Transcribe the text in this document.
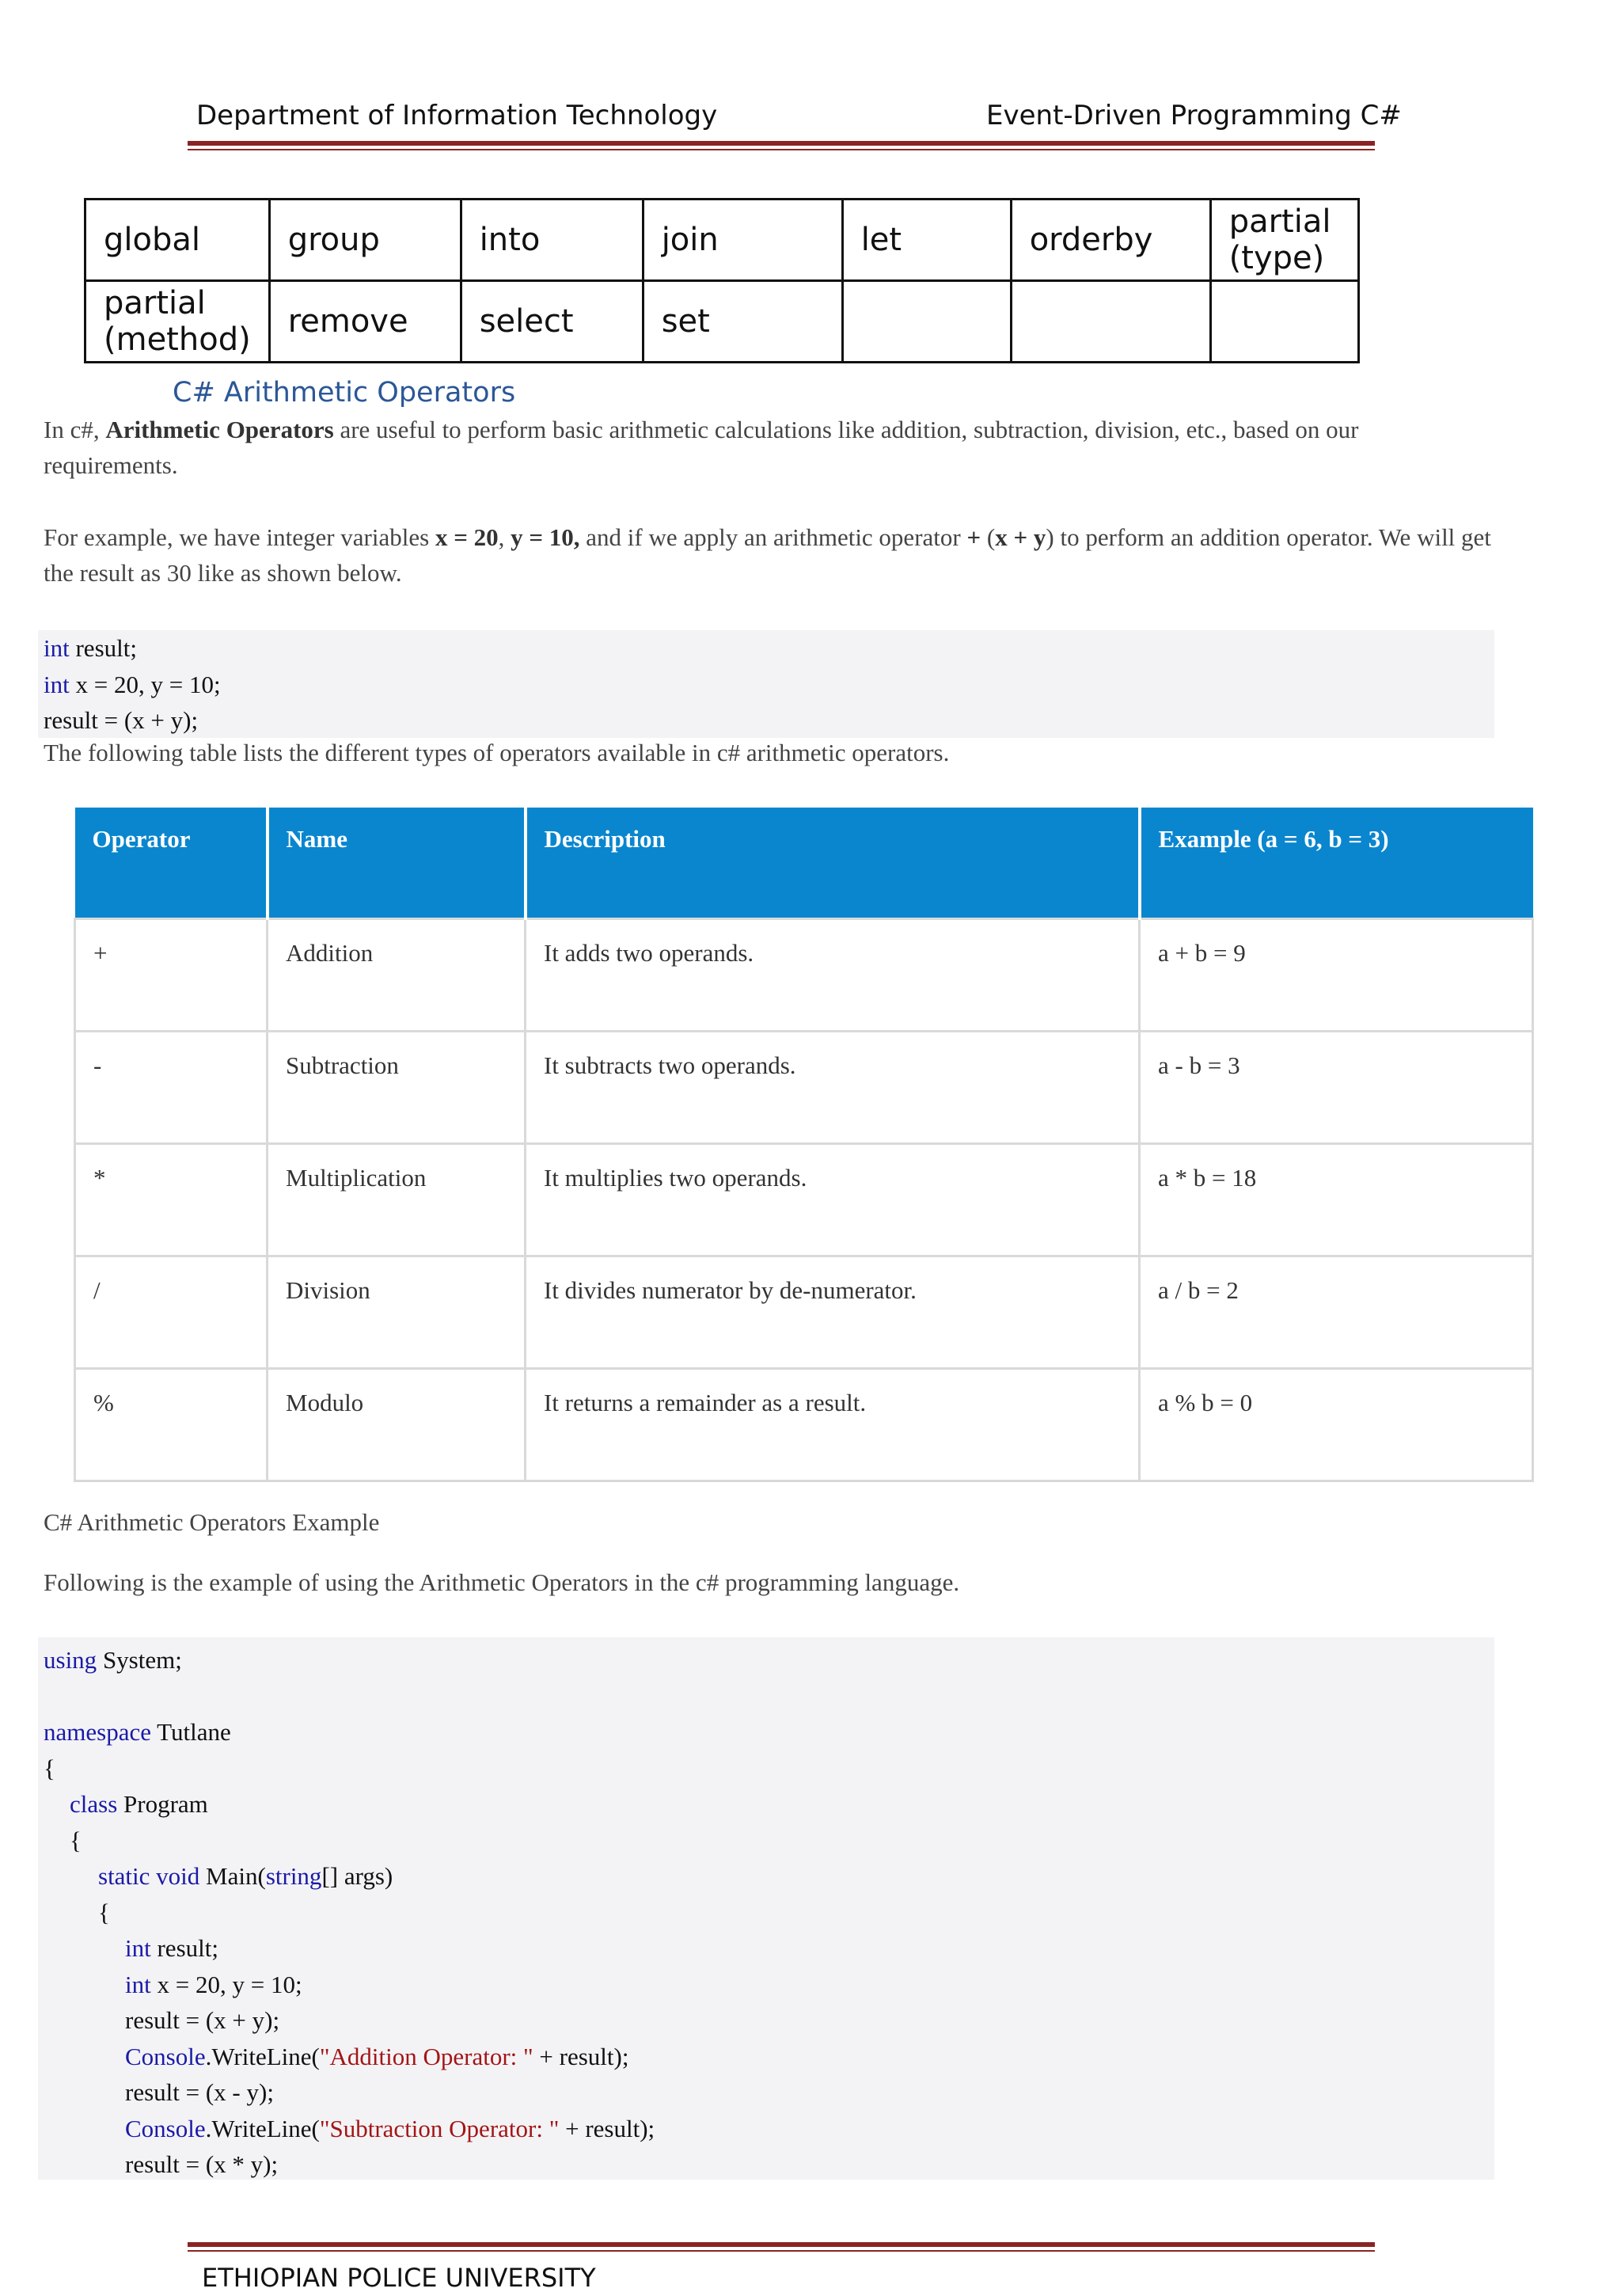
Department of Information Technology	Event-Driven Programming C#
global	group	into	join	let	orderby	partial (type)
partial (method)	remove	select	set			
C# Arithmetic Operators
In c#, Arithmetic Operators are useful to perform basic arithmetic calculations like addition, subtraction, division, etc., based on our requirements.
For example, we have integer variables x = 20, y = 10, and if we apply an arithmetic operator + (x + y) to perform an addition operator. We will get the result as 30 like as shown below.
int result;
int x = 20, y = 10;
result = (x + y);
The following table lists the different types of operators available in c# arithmetic operators.
Operator	Name	Description	Example (a = 6, b = 3)
+	Addition	It adds two operands.	a + b = 9
-	Subtraction	It subtracts two operands.	a - b = 3
*	Multiplication	It multiplies two operands.	a * b = 18
/	Division	It divides numerator by de-numerator.	a / b = 2
%	Modulo	It returns a remainder as a result.	a % b = 0
C# Arithmetic Operators Example
Following is the example of using the Arithmetic Operators in the c# programming language.
using System;
namespace Tutlane
{
class Program
{
static void Main(string[] args)
{
int result;
int x = 20, y = 10;
result = (x + y);
Console.WriteLine("Addition Operator: " + result);
result = (x - y);
Console.WriteLine("Subtraction Operator: " + result);
result = (x * y);
ETHIOPIAN POLICE UNIVERSITY
